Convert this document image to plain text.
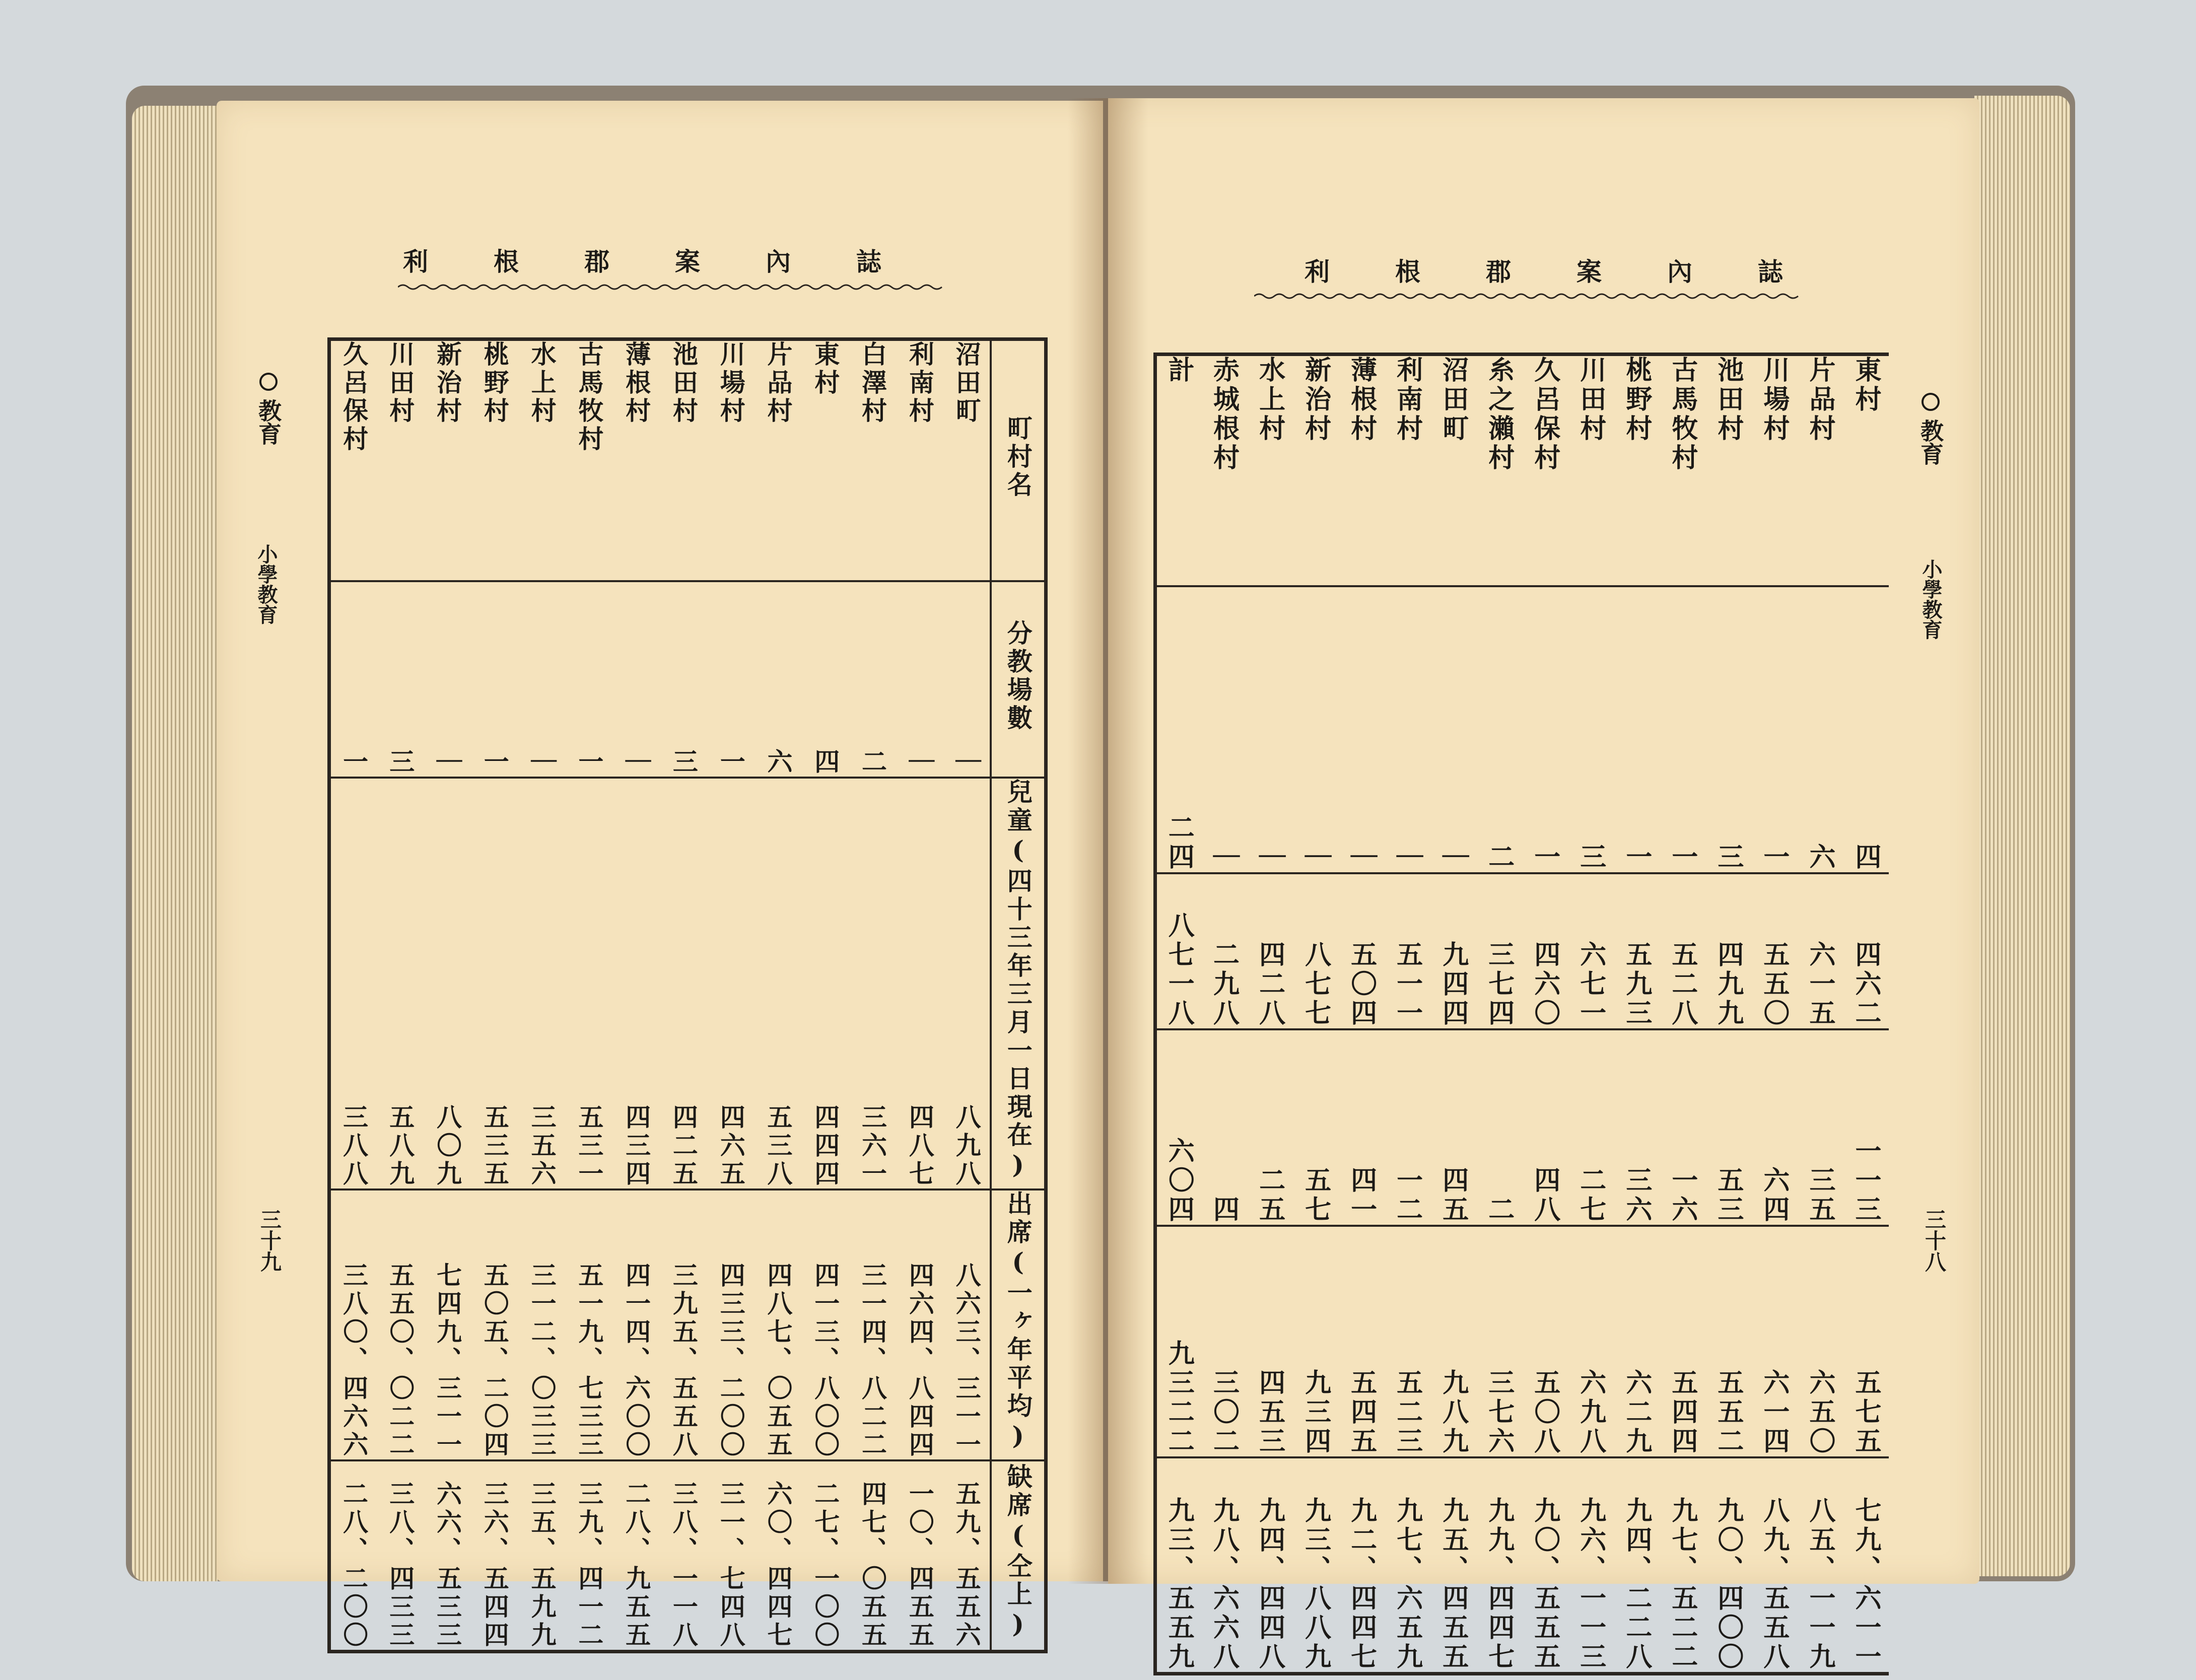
利根郡案內誌
教育
小學教育
三十九
町村名	沼田町	利南村	白澤村	東村	片品村	川場村	池田村	薄根村	古馬牧村	水上村	桃野村	新治村	川田村	久呂保村

分教場數	｜	｜	二	四	六	一	三	｜	一	｜	一	｜	三	一

兒童(四十三年三月一日現在)	八九八	四八七	三六一	四四四	五三八	四六五	四二五	四三四	五三一	三五六	五三五	八〇九	五八九	三八八

出席(一ヶ年平均)	八六三、三一一	四六四、八四四	三一四、八二二	四一三、八〇〇	四八七、〇五五	四三三、二〇〇	三九五、五五八	四一四、六〇〇	五一九、七三三	三一二、〇三三	五〇五、二〇四	七四九、三一一	五五〇、〇二二	三八〇、四六六

缺席(仝上)	五九、五五六	一〇、四五五	四七、〇五五	二七、一〇〇	六〇、四四七	三一、七四八	三八、一一八	二八、九五五	三九、四一二	三五、五九九	三六、五四四	六六、五三三	三八、四三三	二八、二〇〇
利根郡案內誌
教育
小學教育
三十八
東村	片品村	川場村	池田村	古馬牧村	桃野村	川田村	久呂保村	糸之瀨村	沼田町	利南村	薄根村	新治村	水上村	赤城根村	計

四	六	一	三	一	一	三	一	二	｜	｜	｜	｜	｜	｜	二四

四六二	六一五	五五〇	四九九	五二八	五九三	六七一	四六〇	三七四	九四四	五一一	五〇四	八七七	四二八	二九八	八七一八

一一三	三五	六四	五三	一六	三六	二七	四八	二	四五	一二	四一	五七	二五	四	六〇四

五七五	六五〇	六一四	五五二	五四四	六二九	六九八	五〇八	三七六	九八九	五二三	五四五	九三四	四五三	三〇二	九三二二

七九、六一一	八五、一一九	八九、五五八	九〇、四〇〇	九七、五二二	九四、二二八	九六、一一三	九〇、五五五	九九、四四七	九五、四五五	九七、六五九	九二、四四七	九三、八八九	九四、四四八	九八、六六八	九三、五五九
